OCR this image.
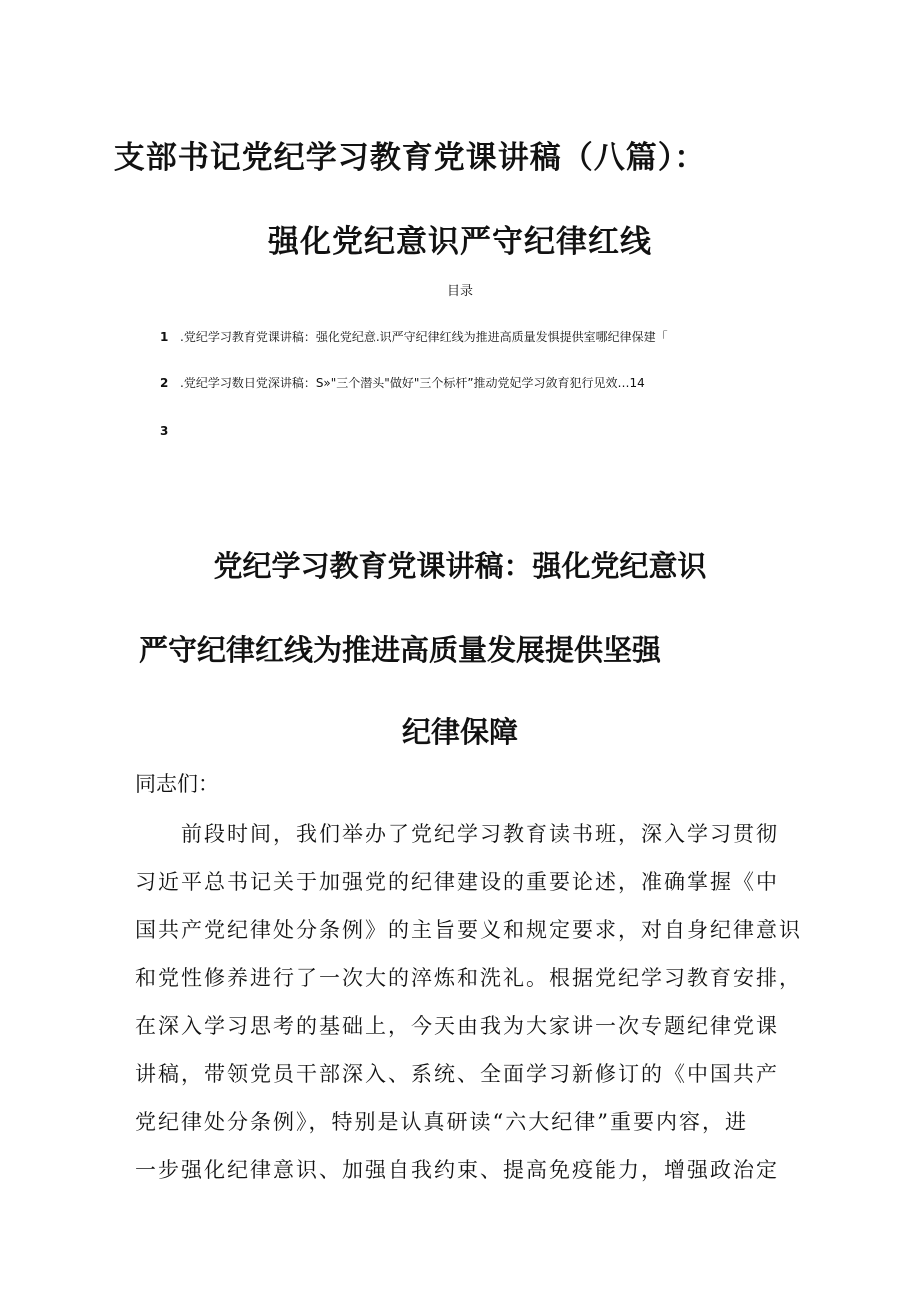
支部书记党纪学习教育党课讲稿（八篇）：
强化党纪意识严守纪律红线
目录
1 .党纪学习教育党课讲稿：强化党纪意.识严守纪律红线为推进高质量发惧提供室哪纪律保建「
2 .党纪学习数日党深讲稿：S»"三个潜头"做好"三个标杆”推动党妃学习敛育犯行见效…14
3
党纪学习教育党课讲稿：强化党纪意识
严守纪律红线为推进高质量发展提供坚强
纪律保障
同志们：
前段时间，我们举办了党纪学习教育读书班，深入学习贯彻
习近平总书记关于加强党的纪律建设的重要论述，准确掌握《中
国共产党纪律处分条例》的主旨要义和规定要求，对自身纪律意识
和党性修养进行了一次大的淬炼和洗礼。根据党纪学习教育安排，
在深入学习思考的基础上，今天由我为大家讲一次专题纪律党课
讲稿，带领党员干部深入、系统、全面学习新修订的《中国共产
党纪律处分条例》，特别是认真研读“六大纪律”重要内容，进
一步强化纪律意识、加强自我约束、提高免疫能力，增强政治定
